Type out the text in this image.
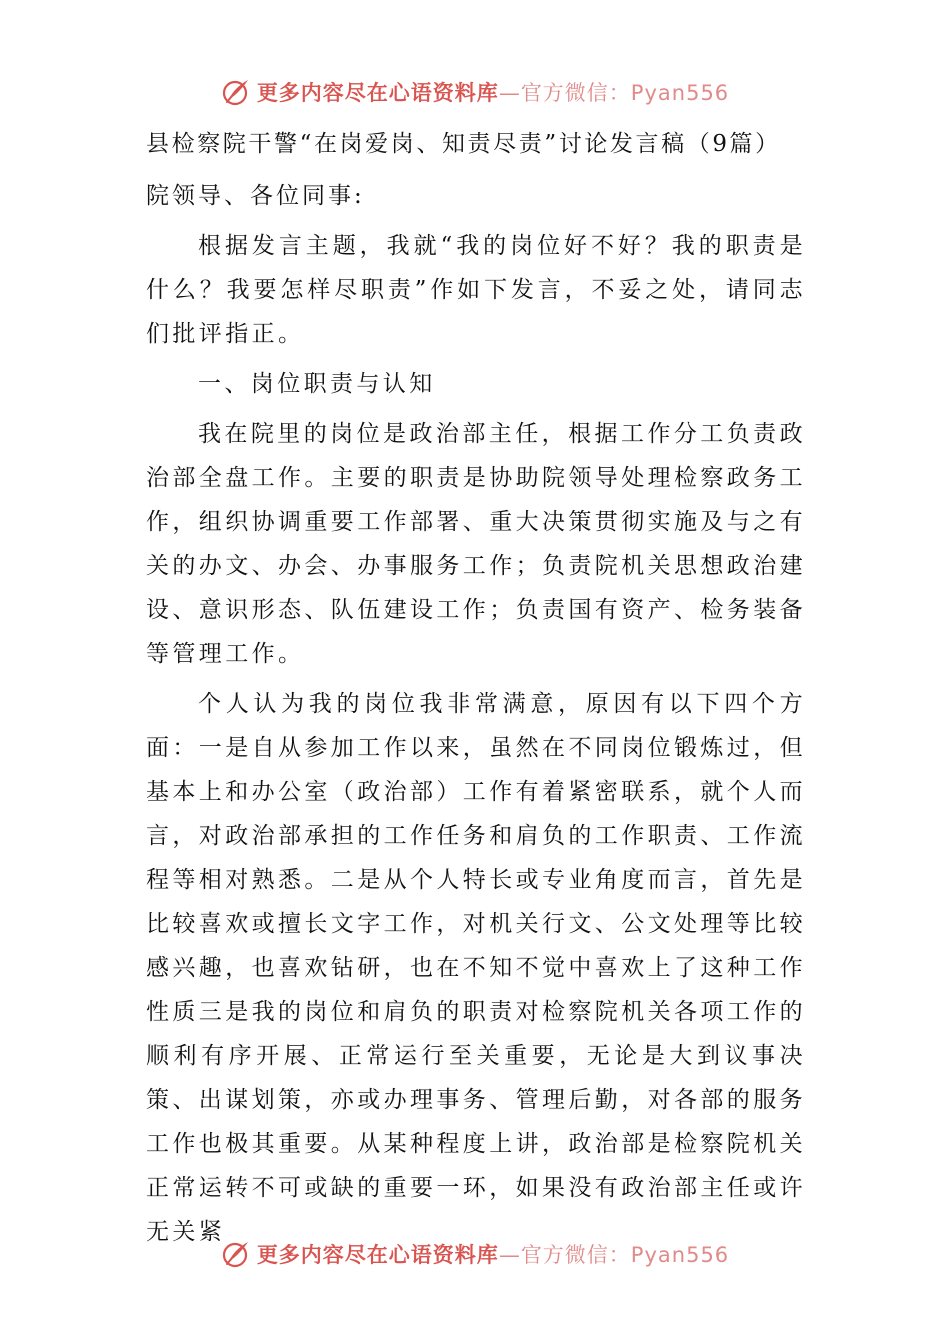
更多内容尽在心语资料库—官方微信：Pyan556
县检察院干警“在岗爱岗、知责尽责”讨论发言稿（9篇）

院领导、各位同事:

根据发言主题，我就“我的岗位好不好？我的职责是什么？我要怎样尽职责”作如下发言，不妥之处，请同志们批评指正。

一、岗位职责与认知

我在院里的岗位是政治部主任，根据工作分工负责政治部全盘工作。主要的职责是协助院领导处理检察政务工作，组织协调重要工作部署、重大决策贯彻实施及与之有关的办文、办会、办事服务工作；负责院机关思想政治建设、意识形态、队伍建设工作；负责国有资产、检务装备等管理工作。

个人认为我的岗位我非常满意，原因有以下四个方面：一是自从参加工作以来，虽然在不同岗位锻炼过，但基本上和办公室（政治部）工作有着紧密联系，就个人而言，对政治部承担的工作任务和肩负的工作职责、工作流程等相对熟悉。二是从个人特长或专业角度而言，首先是比较喜欢或擅长文字工作，对机关行文、公文处理等比较感兴趣，也喜欢钻研，也在不知不觉中喜欢上了这种工作性质三是我的岗位和肩负的职责对检察院机关各项工作的顺利有序开展、正常运行至关重要，无论是大到议事决策、出谋划策，亦或办理事务、管理后勤，对各部的服务工作也极其重要。从某种程度上讲，政治部是检察院机关正常运转不可或缺的重要一环，如果没有政治部主任或许无关紧

更多内容尽在心语资料库—官方微信：Pyan556
